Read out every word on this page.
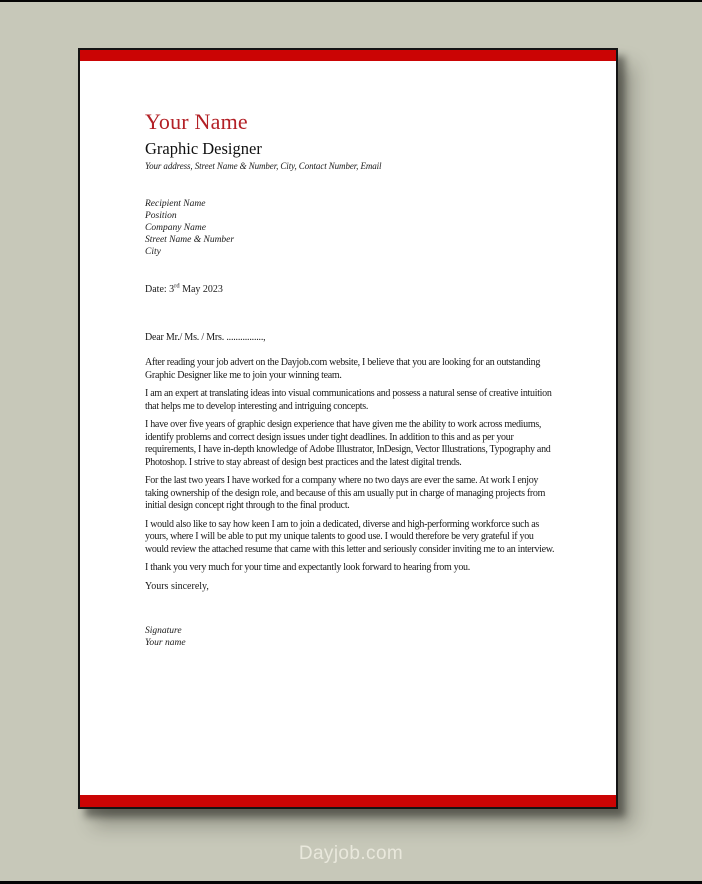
Your Name
Graphic Designer
Your address, Street Name & Number, City, Contact Number, Email
Recipient Name
Position
Company Name
Street Name & Number
City
Date: 3rd May 2023
Dear Mr./ Ms. / Mrs. ................,

After reading your job advert on the Dayjob.com website, I believe that you are looking for an outstanding Graphic Designer like me to join your winning team.

I am an expert at translating ideas into visual communications and possess a natural sense of creative intuition that helps me to develop interesting and intriguing concepts.

I have over five years of graphic design experience that have given me the ability to work across mediums, identify problems and correct design issues under tight deadlines. In addition to this and as per your requirements, I have in-depth knowledge of Adobe Illustrator, InDesign, Vector Illustrations, Typography and Photoshop. I strive to stay abreast of design best practices and the latest digital trends.

For the last two years I have worked for a company where no two days are ever the same. At work I enjoy taking ownership of the design role, and because of this am usually put in charge of managing projects from initial design concept right through to the final product.

I would also like to say how keen I am to join a dedicated, diverse and high-performing workforce such as yours, where I will be able to put my unique talents to good use. I would therefore be very grateful if you would review the attached resume that came with this letter and seriously consider inviting me to an interview.

I thank you very much for your time and expectantly look forward to hearing from you.

Yours sincerely,
Signature
Your name
Dayjob.com
